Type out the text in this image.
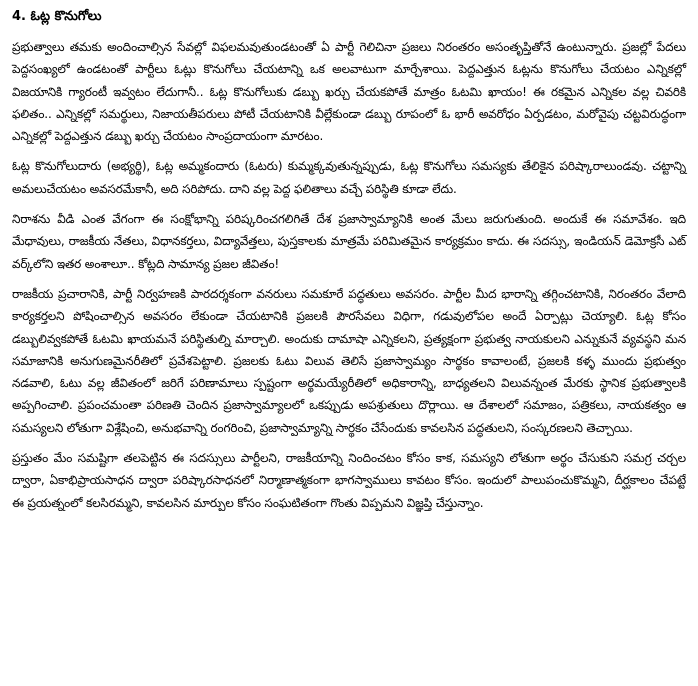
4. ఓట్ల కొనుగోలు

ప్రభుత్వాలు తమకు అందించాల్సిన సేవల్లో విఫలమవుతుండటంతో ఏ పార్టీ గెలిచినా ప్రజలు నిరంతరం అసంతృప్తితోనే ఉంటున్నారు. ప్రజల్లో పేదలు పెద్దసంఖ్యలో ఉండటంతో పార్టీలు ఓట్లు కొనుగోలు చేయటాన్ని ఒక అలవాటుగా మార్చేశాయి. పెద్దఎత్తున ఓట్లను కొనుగోలు చేయటం ఎన్నికల్లో విజయానికి గ్యారంటీ ఇవ్వటం లేదుగానీ.. ఓట్ల కొనుగోలుకు డబ్బు ఖర్చు చేయకపోతే మాత్రం ఓటమి ఖాయం! ఈ రకమైన ఎన్నికల వల్ల చివరికి ఫలితం.. ఎన్నికల్లో సమర్థులు, నిజాయతీపరులు పోటీ చేయటానికి వీల్లేకుండా డబ్బు రూపంలో ఓ భారీ అవరోధం ఏర్పడటం, మరోవైపు చట్టవిరుద్ధంగా ఎన్నికల్లో పెద్దఎత్తున డబ్బు ఖర్చు చేయటం సాంప్రదాయంగా మారటం.

ఓట్ల కొనుగోలుదారు (అభ్యర్థి), ఓట్ల అమ్మకందారు (ఓటరు) కుమ్మక్కవుతున్నప్పుడు, ఓట్ల కొనుగోలు సమస్యకు తేలికైన పరిష్కారాలుండవు. చట్టాన్ని అమలుచేయటం అవసరమేకానీ, అది సరిపోదు. దాని వల్ల పెద్ద ఫలితాలు వచ్చే పరిస్థితి కూడా లేదు.

నిరాశను వీడి ఎంత వేగంగా ఈ సంక్షోభాన్ని పరిష్కరించగలిగితే దేశ ప్రజాస్వామ్యానికి అంత మేలు జరుగుతుంది. అందుకే ఈ సమావేశం. ఇది మేధావులు, రాజకీయ నేతలు, విధానకర్తలు, విద్యావేత్తలు, పుస్తకాలకు మాత్రమే పరిమితమైన కార్యక్రమం కాదు. ఈ సదస్సు, ఇండియన్ డెమోక్రసీ ఎట్ వర్క్‌లోని ఇతర అంశాలూ.. కోట్లది సామాన్య ప్రజల జీవితం!

రాజకీయ ప్రచారానికి, పార్టీ నిర్వహణకి పారదర్శకంగా వనరులు సమకూరే పద్ధతులు అవసరం. పార్టీల మీద భారాన్ని తగ్గించటానికి, నిరంతరం వేలాది కార్యకర్తలని పోషించాల్సిన అవసరం లేకుండా చేయటానికి ప్రజలకి పౌరసేవలు విధిగా, గడువులోపల అందే ఏర్పాట్లు చెయ్యాలి. ఓట్ల కోసం డబ్బులివ్వకపోతే ఓటమి ఖాయమనే పరిస్థితుల్ని మార్చాలి. అందుకు దామాషా ఎన్నికలని, ప్రత్యక్షంగా ప్రభుత్వ నాయకులని ఎన్నుకునే వ్యవస్థని మన సమాజానికి అనుగుణమైనరీతిలో ప్రవేశపెట్టాలి. ప్రజలకు ఓటు విలువ తెలిసే ప్రజాస్వామ్యం సార్థకం కావాలంటే, ప్రజలకి కళ్ళ ముందు ప్రభుత్వం నడవాలి, ఓటు వల్ల జీవితంలో జరిగే పరిణామాలు స్పష్టంగా అర్థమయ్యేరీతిలో అధికారాన్ని, బాధ్యతలని విలువన్నంత మేరకు స్థానిక ప్రభుత్వాలకి అప్పగించాలి. ప్రపంచమంతా పరిణతి చెందిన ప్రజాస్వామ్యాలలో ఒకప్పుడు అపశ్రుతులు దొర్లాయి. ఆ దేశాలలో సమాజం, పత్రికలు, నాయకత్వం ఆ సమస్యలని లోతుగా విశ్లేషించి, అనుభవాన్ని రంగరించి, ప్రజాస్వామ్యాన్ని సార్థకం చేసేందుకు కావలసిన పద్ధతులని, సంస్కరణలని తెచ్చాయి.

ప్రస్తుతం మేం సమష్టిగా తలపెట్టిన ఈ సదస్సులు పార్టీలని, రాజకీయాన్ని నిందించటం కోసం కాక, సమస్యని లోతుగా అర్థం చేసుకుని సమగ్ర చర్చల ద్వారా, ఏకాభిప్రాయసాధన ద్వారా పరిష్కారసాధనలో నిర్మాణాత్మకంగా భాగస్వాములు కావటం కోసం. ఇందులో పాలుపంచుకొమ్మని, దీర్ఘకాలం చేపట్టే ఈ ప్రయత్నంలో కలసిరమ్మని, కావలసిన మార్పుల కోసం సంఘటితంగా గొంతు విప్పమని విజ్ఞప్తి చేస్తున్నాం.
